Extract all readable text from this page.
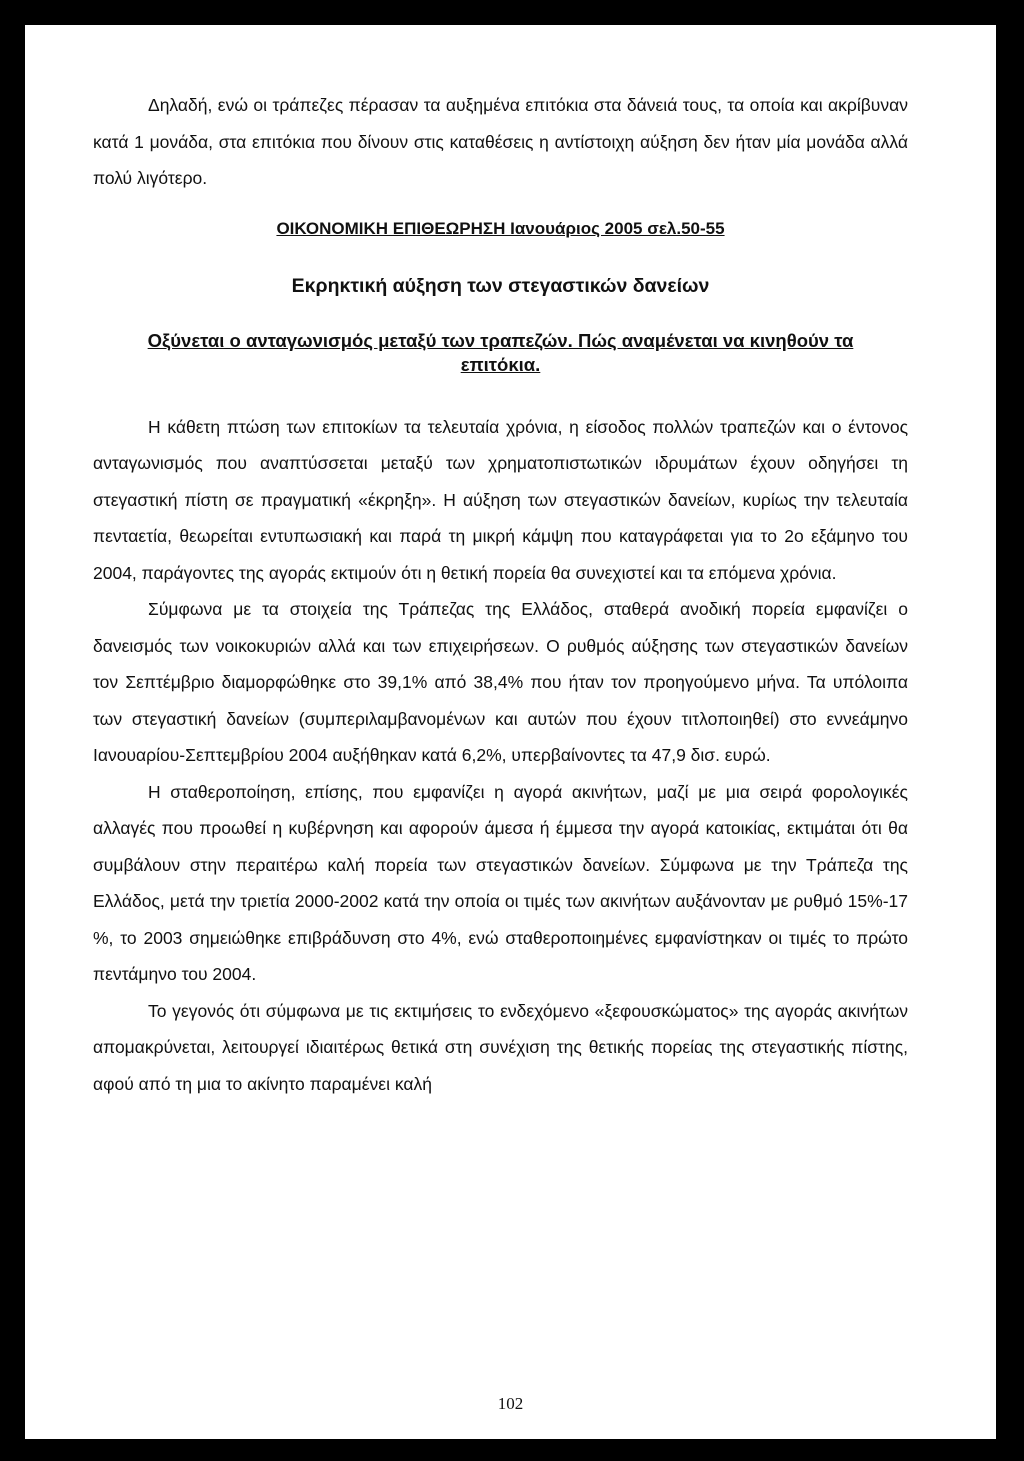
Δηλαδή, ενώ οι τράπεζες πέρασαν τα αυξημένα επιτόκια στα δάνειά τους, τα οποία και ακρίβυναν κατά 1 μονάδα, στα επιτόκια που δίνουν στις καταθέσεις η αντίστοιχη αύξηση δεν ήταν μία μονάδα αλλά πολύ λιγότερο.

ΟΙΚΟΝΟΜΙΚΗ ΕΠΙΘΕΩΡΗΣΗ Ιανουάριος 2005 σελ.50-55
Εκρηκτική αύξηση των στεγαστικών δανείων
Οξύνεται ο ανταγωνισμός μεταξύ των τραπεζών. Πώς αναμένεται να κινηθούν τα επιτόκια.

Η κάθετη πτώση των επιτοκίων τα τελευταία χρόνια, η είσοδος πολλών τραπεζών και ο έντονος ανταγωνισμός που αναπτύσσεται μεταξύ των χρηματοπιστωτικών ιδρυμάτων έχουν οδηγήσει τη στεγαστική πίστη σε πραγματική «έκρηξη». Η αύξηση των στεγαστικών δανείων, κυρίως την τελευταία πενταετία, θεωρείται εντυπωσιακή και παρά τη μικρή κάμψη που καταγράφεται για το 2ο εξάμηνο του 2004, παράγοντες της αγοράς εκτιμούν ότι η θετική πορεία θα συνεχιστεί και τα επόμενα χρόνια.

Σύμφωνα με τα στοιχεία της Τράπεζας της Ελλάδος, σταθερά ανοδική πορεία εμφανίζει ο δανεισμός των νοικοκυριών αλλά και των επιχειρήσεων. Ο ρυθμός αύξησης των στεγαστικών δανείων τον Σεπτέμβριο διαμορφώθηκε στο 39,1% από 38,4% που ήταν τον προηγούμενο μήνα. Τα υπόλοιπα των στεγαστική δανείων (συμπεριλαμβανομένων και αυτών που έχουν τιτλοποιηθεί) στο εννεάμηνο Ιανουαρίου-Σεπτεμβρίου 2004 αυξήθηκαν κατά 6,2%, υπερβαίνοντες τα 47,9 δισ. ευρώ.

Η σταθεροποίηση, επίσης, που εμφανίζει η αγορά ακινήτων, μαζί με μια σειρά φορολογικές αλλαγές που προωθεί η κυβέρνηση και αφορούν άμεσα ή έμμεσα την αγορά κατοικίας, εκτιμάται ότι θα συμβάλουν στην περαιτέρω καλή πορεία των στεγαστικών δανείων. Σύμφωνα με την Τράπεζα της Ελλάδος, μετά την τριετία 2000-2002 κατά την οποία οι τιμές των ακινήτων αυξάνονταν με ρυθμό 15%-17 %, το 2003 σημειώθηκε επιβράδυνση στο 4%, ενώ σταθεροποιημένες εμφανίστηκαν οι τιμές το πρώτο πεντάμηνο του 2004.

Το γεγονός ότι σύμφωνα με τις εκτιμήσεις το ενδεχόμενο «ξεφουσκώματος» της αγοράς ακινήτων απομακρύνεται, λειτουργεί ιδιαιτέρως θετικά στη συνέχιση της θετικής πορείας της στεγαστικής πίστης, αφού από τη μια το ακίνητο παραμένει καλή

102
